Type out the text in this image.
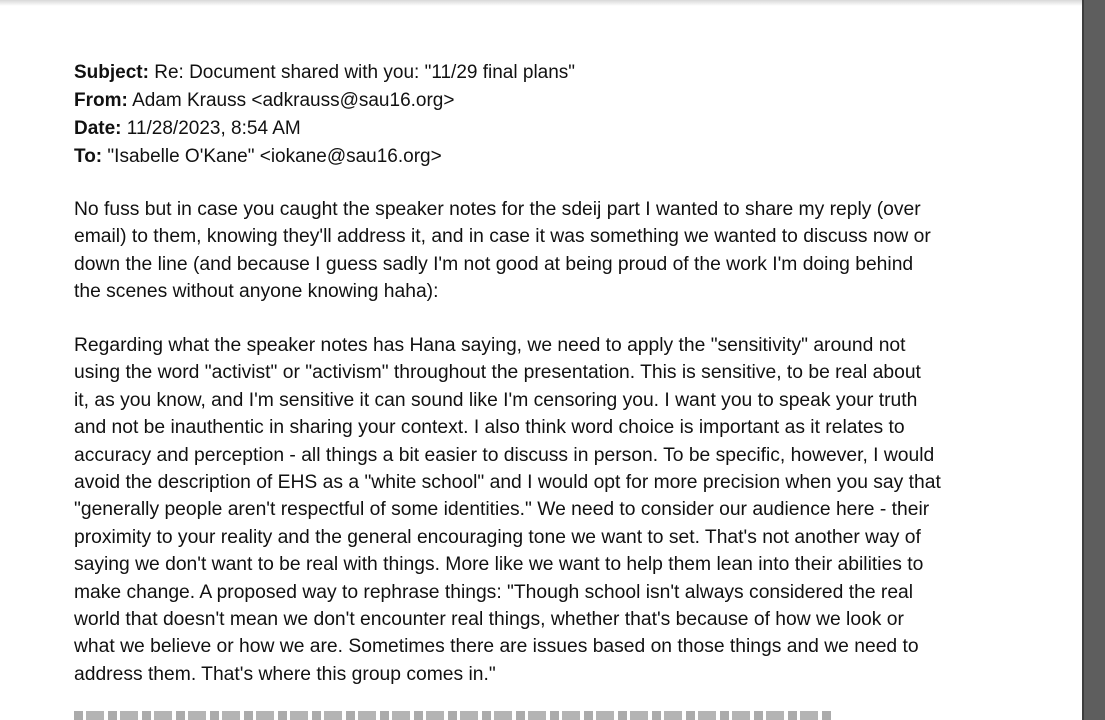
Subject: Re: Document shared with you: "11/29 final plans"
From: Adam Krauss <adkrauss@sau16.org>
Date: 11/28/2023, 8:54 AM
To: "Isabelle O'Kane" <iokane@sau16.org>

No fuss but in case you caught the speaker notes for the sdeij part I wanted to share my reply (over
email) to them, knowing they'll address it, and in case it was something we wanted to discuss now or
down the line (and because I guess sadly I'm not good at being proud of the work I'm doing behind
the scenes without anyone knowing haha):

Regarding what the speaker notes has Hana saying, we need to apply the "sensitivity" around not
using the word "activist" or "activism" throughout the presentation. This is sensitive, to be real about
it, as you know, and I'm sensitive it can sound like I'm censoring you. I want you to speak your truth
and not be inauthentic in sharing your context. I also think word choice is important as it relates to
accuracy and perception - all things a bit easier to discuss in person. To be specific, however, I would
avoid the description of EHS as a "white school" and I would opt for more precision when you say that
"generally people aren't respectful of some identities." We need to consider our audience here - their
proximity to your reality and the general encouraging tone we want to set. That's not another way of
saying we don't want to be real with things. More like we want to help them lean into their abilities to
make change. A proposed way to rephrase things: "Though school isn't always considered the real
world that doesn't mean we don't encounter real things, whether that's because of how we look or
what we believe or how we are. Sometimes there are issues based on those things and we need to
address them. That's where this group comes in."
